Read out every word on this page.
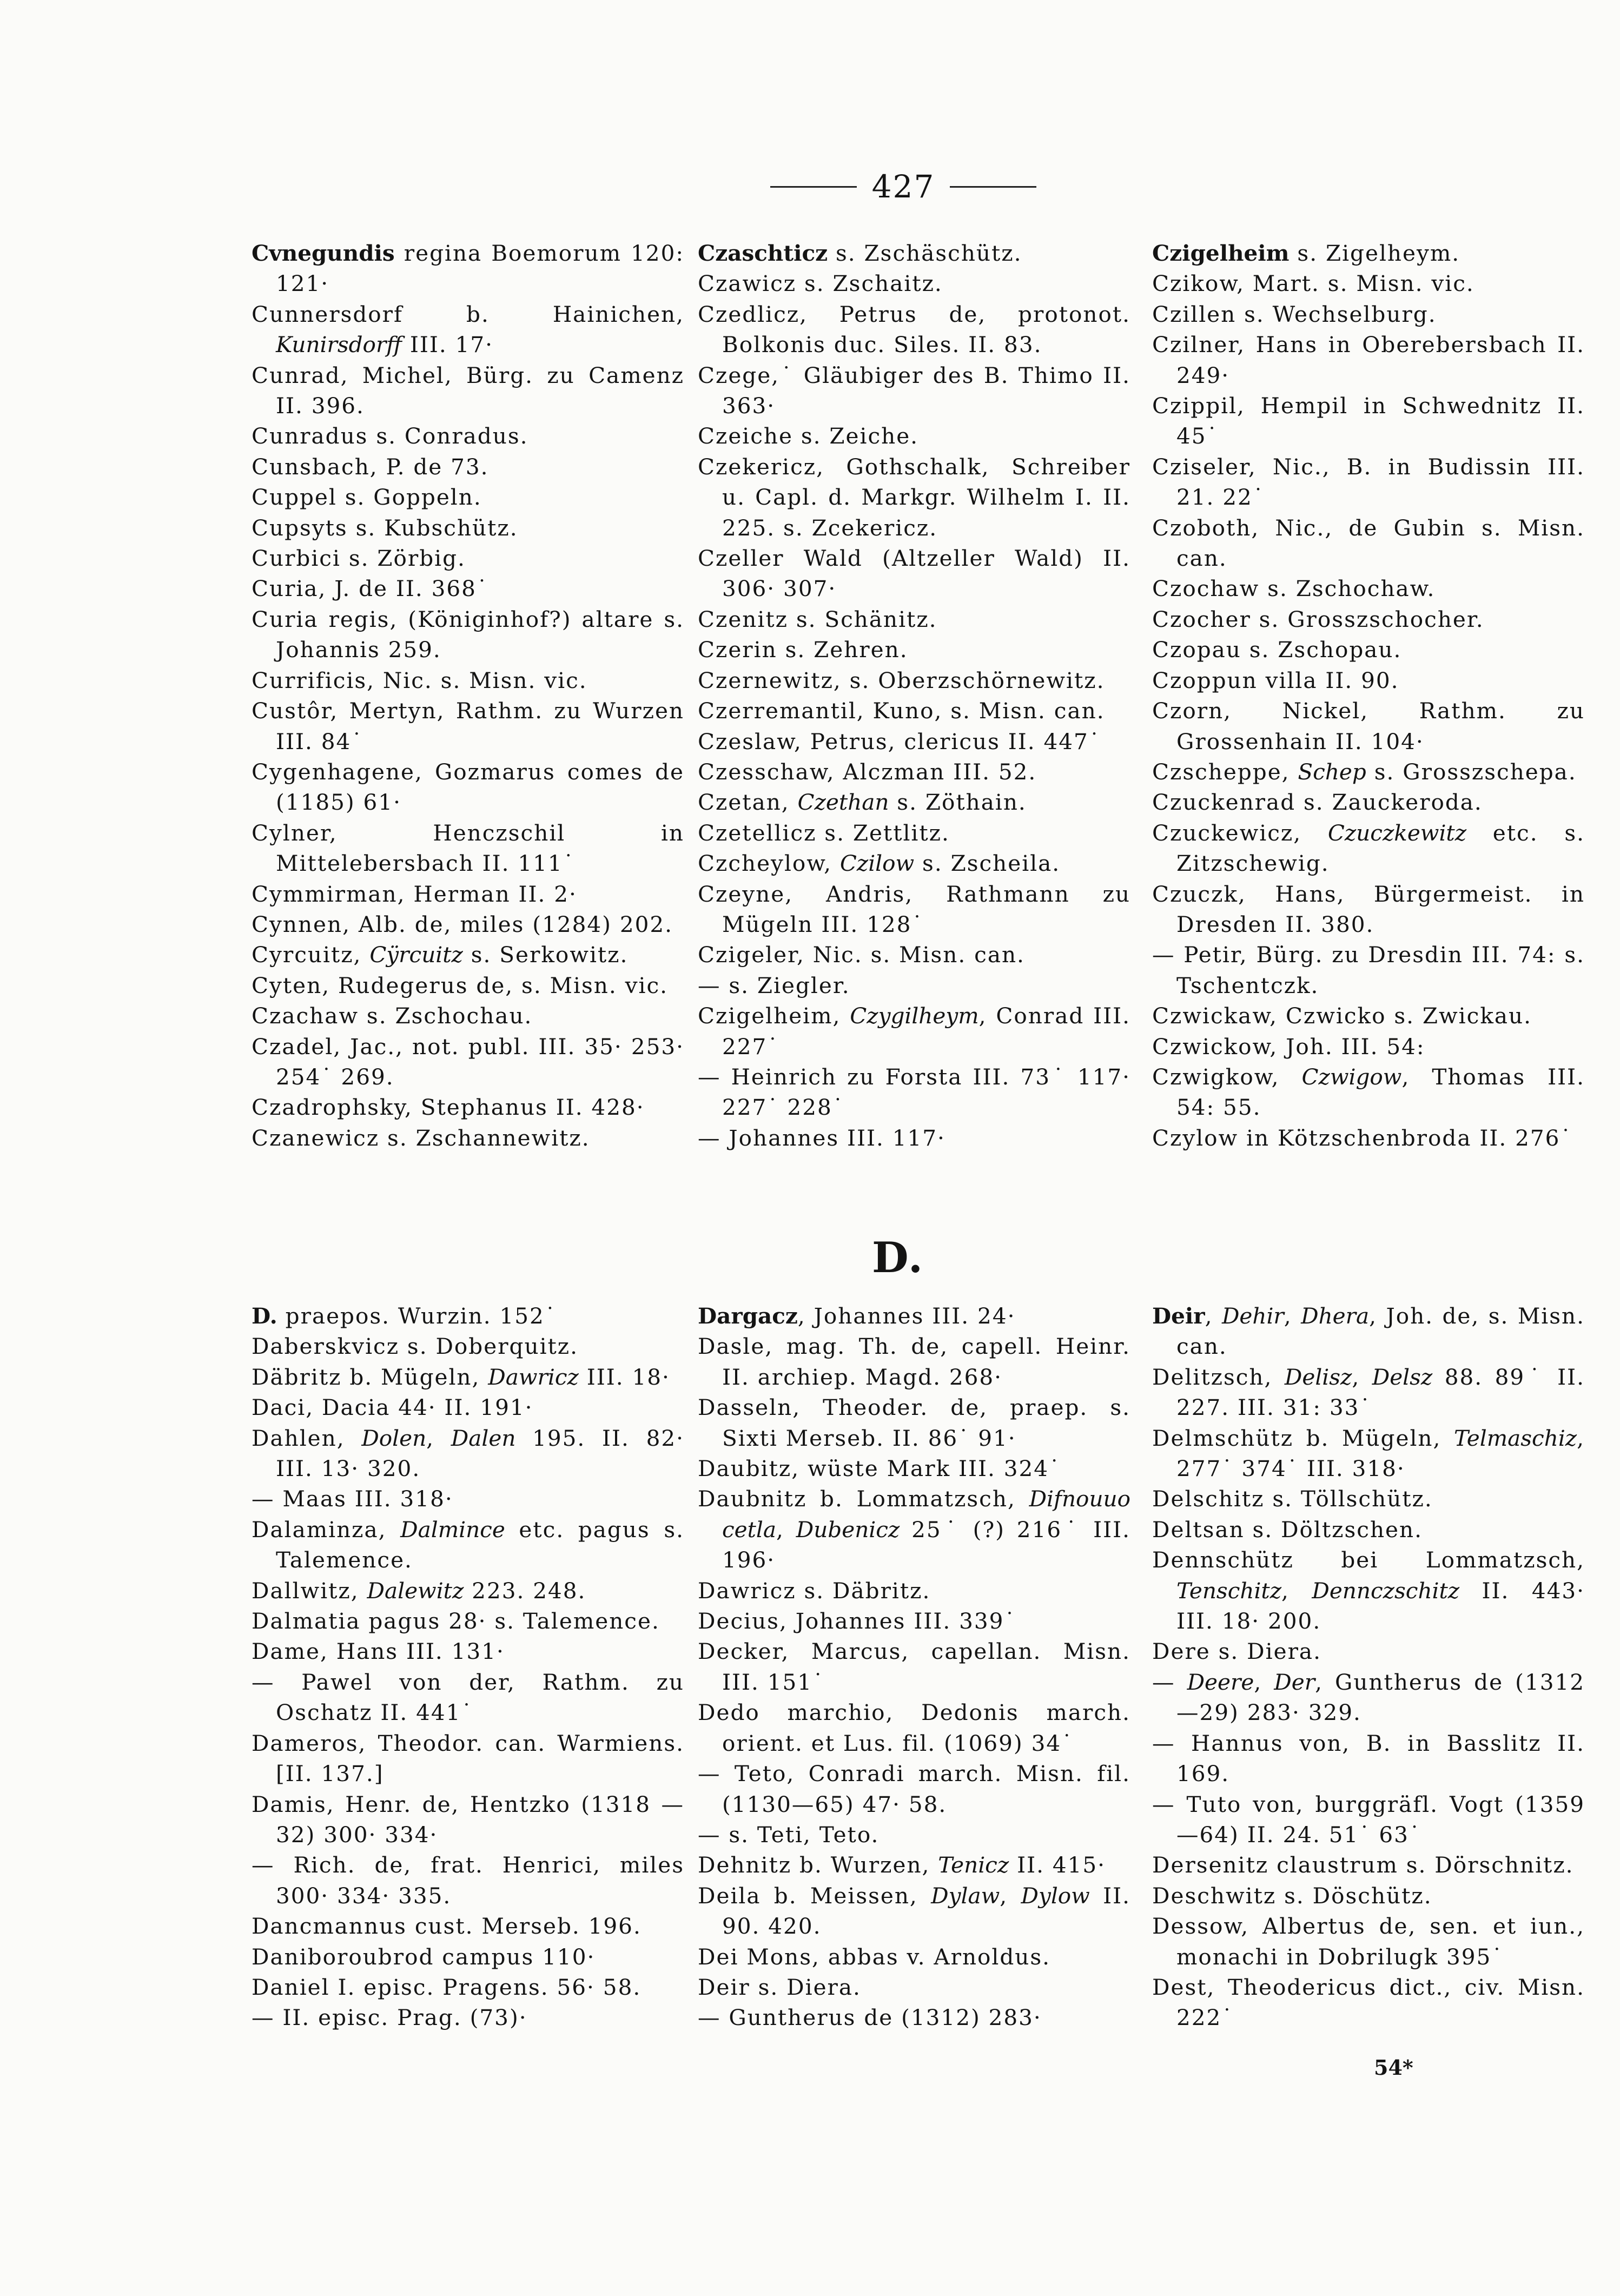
427
Cvnegundis regina Boemorum 120: 121·
Cunnersdorf b. Hainichen, Kunirsdorff III. 17·
Cunrad, Michel, Bürg. zu Camenz II. 396.
Cunradus s. Conradus.
Cunsbach, P. de 73.
Cuppel s. Goppeln.
Cupsyts s. Kubschütz.
Curbici s. Zörbig.
Curia, J. de II. 368˙
Curia regis, (Königinhof?) altare s. Johannis 259.
Currificis, Nic. s. Misn. vic.
Custôr, Mertyn, Rathm. zu Wurzen III. 84˙
Cygenhagene, Gozmarus comes de (1185) 61·
Cylner, Henczschil in Mittelebersbach II. 111˙
Cymmirman, Herman II. 2·
Cynnen, Alb. de, miles (1284) 202.
Cyrcuitz, Cÿrcuitz s. Serkowitz.
Cyten, Rudegerus de, s. Misn. vic.
Czachaw s. Zschochau.
Czadel, Jac., not. publ. III. 35· 253· 254˙ 269.
Czadrophsky, Stephanus II. 428·
Czanewicz s. Zschannewitz.
Czaschticz s. Zschäschütz.
Czawicz s. Zschaitz.
Czedlicz, Petrus de, protonot. Bolkonis duc. Siles. II. 83.
Czege,˙ Gläubiger des B. Thimo II. 363·
Czeiche s. Zeiche.
Czekericz, Gothschalk, Schreiber u. Capl. d. Markgr. Wilhelm I. II. 225. s. Zcekericz.
Czeller Wald (Altzeller Wald) II. 306· 307·
Czenitz s. Schänitz.
Czerin s. Zehren.
Czernewitz, s. Oberzschörnewitz.
Czerremantil, Kuno, s. Misn. can.
Czeslaw, Petrus, clericus II. 447˙
Czesschaw, Alczman III. 52.
Czetan, Czethan s. Zöthain.
Czetellicz s. Zettlitz.
Czcheylow, Czilow s. Zscheila.
Czeyne, Andris, Rathmann zu Mügeln III. 128˙
Czigeler, Nic. s. Misn. can.
— s. Ziegler.
Czigelheim, Czygilheym, Conrad III. 227˙
— Heinrich zu Forsta III. 73˙ 117· 227˙ 228˙
— Johannes III. 117·
Czigelheim s. Zigelheym.
Czikow, Mart. s. Misn. vic.
Czillen s. Wechselburg.
Czilner, Hans in Oberebersbach II. 249·
Czippil, Hempil in Schwednitz II. 45˙
Cziseler, Nic., B. in Budissin III. 21. 22˙
Czoboth, Nic., de Gubin s. Misn. can.
Czochaw s. Zschochaw.
Czocher s. Grosszschocher.
Czopau s. Zschopau.
Czoppun villa II. 90.
Czorn, Nickel, Rathm. zu Grossenhain II. 104·
Czscheppe, Schep s. Grosszschepa.
Czuckenrad s. Zauckeroda.
Czuckewicz, Czuczkewitz etc. s. Zitzschewig.
Czuczk, Hans, Bürgermeist. in Dresden II. 380.
— Petir, Bürg. zu Dresdin III. 74: s. Tschentczk.
Czwickaw, Czwicko s. Zwickau.
Czwickow, Joh. III. 54:
Czwigkow, Czwigow, Thomas III. 54: 55.
Czylow in Kötzschenbroda II. 276˙
D.
D. praepos. Wurzin. 152˙
Daberskvicz s. Doberquitz.
Däbritz b. Mügeln, Dawricz III. 18·
Daci, Dacia 44· II. 191·
Dahlen, Dolen, Dalen 195. II. 82· III. 13· 320.
— Maas III. 318·
Dalaminza, Dalmince etc. pagus s. Talemence.
Dallwitz, Dalewitz 223. 248.
Dalmatia pagus 28· s. Talemence.
Dame, Hans III. 131·
— Pawel von der, Rathm. zu Oschatz II. 441˙
Dameros, Theodor. can. Warmiens. [II. 137.]
Damis, Henr. de, Hentzko (1318 — 32) 300· 334·
— Rich. de, frat. Henrici, miles 300· 334· 335.
Dancmannus cust. Merseb. 196.
Daniboroubrod campus 110·
Daniel I. episc. Pragens. 56· 58.
— II. episc. Prag. (73)·
Dargacz, Johannes III. 24·
Dasle, mag. Th. de, capell. Heinr. II. archiep. Magd. 268·
Dasseln, Theoder. de, praep. s. Sixti Merseb. II. 86˙ 91·
Daubitz, wüste Mark III. 324˙
Daubnitz b. Lommatzsch, Difnouuo cetla, Dubenicz 25˙ (?) 216˙ III. 196·
Dawricz s. Däbritz.
Decius, Johannes III. 339˙
Decker, Marcus, capellan. Misn. III. 151˙
Dedo marchio, Dedonis march. orient. et Lus. fil. (1069) 34˙
— Teto, Conradi march. Misn. fil. (1130—65) 47· 58.
— s. Teti, Teto.
Dehnitz b. Wurzen, Tenicz II. 415·
Deila b. Meissen, Dylaw, Dylow II. 90. 420.
Dei Mons, abbas v. Arnoldus.
Deir s. Diera.
— Guntherus de (1312) 283·
Deir, Dehir, Dhera, Joh. de, s. Misn. can.
Delitzsch, Delisz, Delsz 88. 89˙ II. 227. III. 31: 33˙
Delmschütz b. Mügeln, Telmaschiz, 277˙ 374˙ III. 318·
Delschitz s. Töllschütz.
Deltsan s. Döltzschen.
Dennschütz bei Lommatzsch, Tenschitz, Dennczschitz II. 443· III. 18· 200.
Dere s. Diera.
— Deere, Der, Guntherus de (1312 —29) 283· 329.
— Hannus von, B. in Basslitz II. 169.
— Tuto von, burggräfl. Vogt (1359 —64) II. 24. 51˙ 63˙
Dersenitz claustrum s. Dörschnitz.
Deschwitz s. Döschütz.
Dessow, Albertus de, sen. et iun., monachi in Dobrilugk 395˙
Dest, Theodericus dict., civ. Misn. 222˙
54*
